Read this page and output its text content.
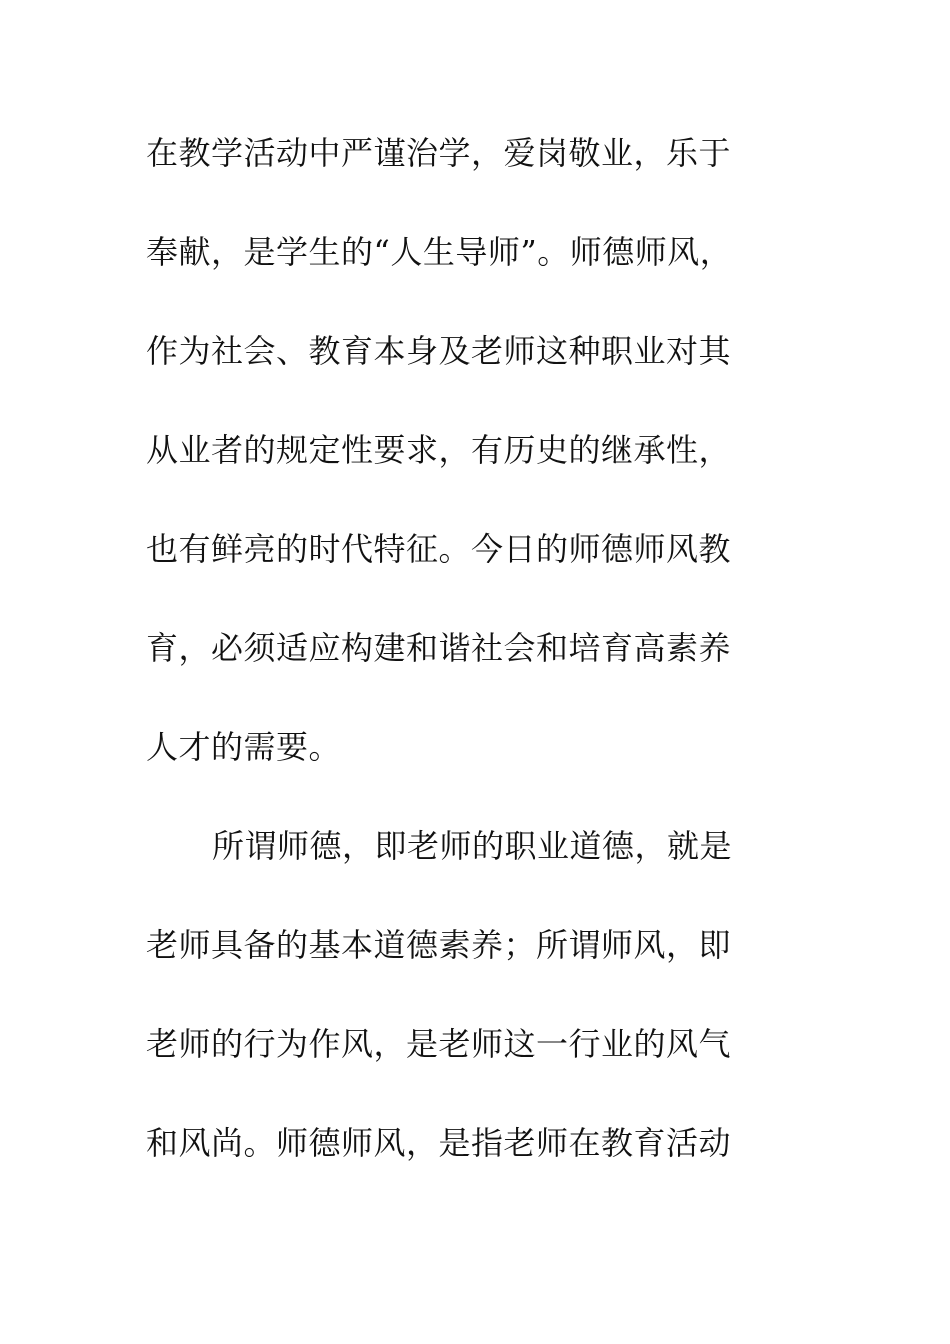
在教学活动中严谨治学，爱岗敬业，乐于
奉献，是学生的“人生导师”。师德师风，
作为社会、教育本身及老师这种职业对其
从业者的规定性要求，有历史的继承性，
也有鲜亮的时代特征。今日的师德师风教
育，必须适应构建和谐社会和培育高素养
人才的需要。
所谓师德，即老师的职业道德，就是
老师具备的基本道德素养；所谓师风，即
老师的行为作风，是老师这一行业的风气
和风尚。师德师风，是指老师在教育活动
